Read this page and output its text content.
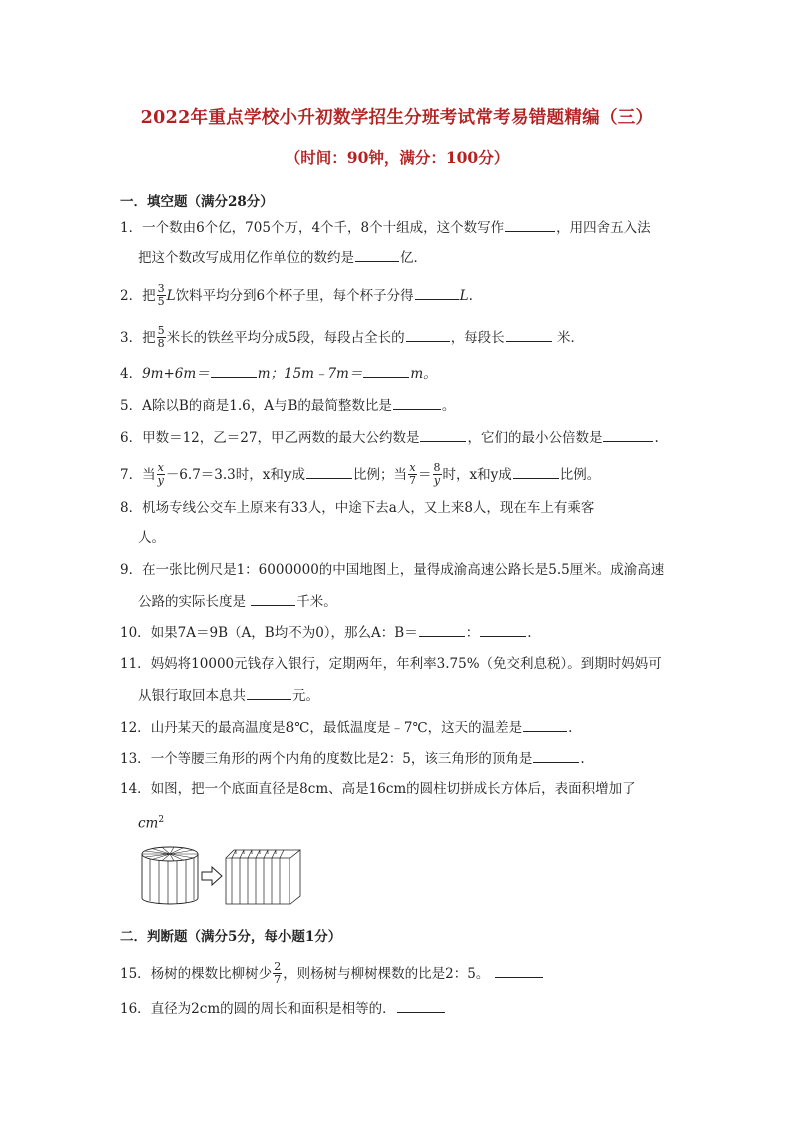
2022年重点学校小升初数学招生分班考试常考易错题精编（三）
（时间：90钟，满分：100分）
一．填空题（满分28分）
1．一个数由6个亿，705个万，4个千，8个十组成，这个数写作	，用四舍五入法
把这个数改写成用亿作单位的数约是	亿．
2．把 $\frac{3}{5}$ L饮料平均分到6个杯子里，每个杯子分得	L.
3．把 $\frac{5}{8}$ 米长的铁丝平均分成5段，每段占全长的	，每段长	米．
4．9m+6m＝	m；15m﹣7m＝	m。
5．A除以B的商是1.6，A与B的最简整数比是	。
6．甲数＝12，乙＝27，甲乙两数的最大公约数是	，它们的最小公倍数是	.
7．当 $\frac{x}{y} -6.7=3.3$时，x和y成	比例；当 $\frac{x}{7} = \frac{8}{y}$ 时，x和y成	比例。
8．机场专线公交车上原来有33人，中途下去a人，又上来8人，现在车上有乘客
人。
9．在一张比例尺是1：6000000的中国地图上，量得成渝高速公路长是5.5厘米。成渝高速
公路的实际长度是	千米。
10．如果7A＝9B（A，B均不为0），那么A：B＝	：	.
11．妈妈将10000元钱存入银行，定期两年，年利率3.75%（免交利息税）。到期时妈妈可
从银行取回本息共	元。
12．山丹某天的最高温度是8℃，最低温度是﹣7℃，这天的温差是	.
13．一个等腰三角形的两个内角的度数比是2：5，该三角形的顶角是	.
14．如图，把一个底面直径是8cm、高是16cm的圆柱切拼成长方体后，表面积增加了
$cm^2$
二．判断题（满分5分，每小题1分）
15．杨树的棵数比柳树少 $\frac{2}{7}$ ，则杨树与柳树棵数的比是2：5。
16．直径为2cm的圆的周长和面积是相等的．
